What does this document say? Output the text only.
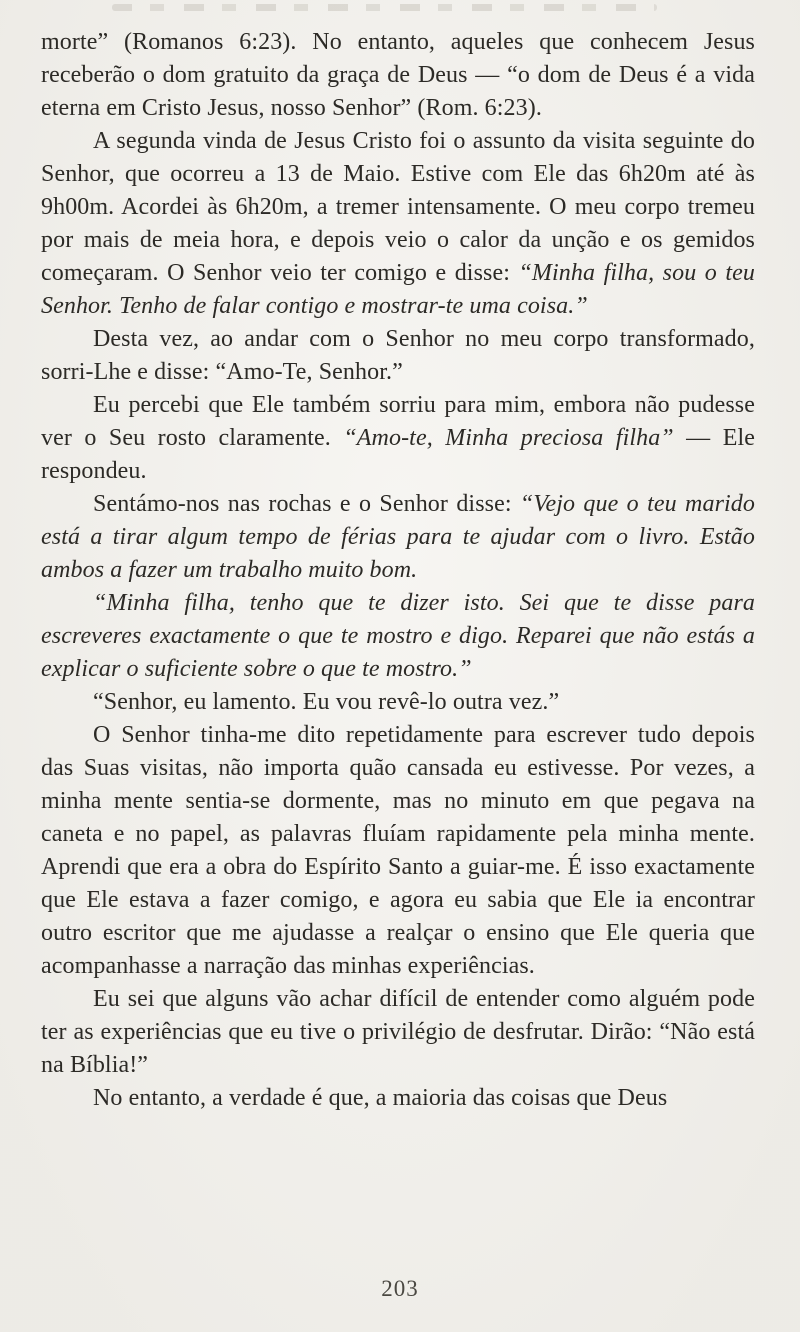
morte” (Romanos 6:23). No entanto, aqueles que conhecem Jesus receberão o dom gratuito da graça de Deus — “o dom de Deus é a vida eterna em Cristo Jesus, nosso Senhor” (Rom. 6:23).

A segunda vinda de Jesus Cristo foi o assunto da visita seguinte do Senhor, que ocorreu a 13 de Maio. Estive com Ele das 6h20m até às 9h00m. Acordei às 6h20m, a tremer intensamente. O meu corpo tremeu por mais de meia hora, e depois veio o calor da unção e os gemidos começaram. O Senhor veio ter comigo e disse: “Minha filha, sou o teu Senhor. Tenho de falar contigo e mostrar-te uma coisa.”

Desta vez, ao andar com o Senhor no meu corpo transformado, sorri-Lhe e disse: “Amo-Te, Senhor.”

Eu percebi que Ele também sorriu para mim, embora não pudesse ver o Seu rosto claramente. “Amo-te, Minha preciosa filha” — Ele respondeu.

Sentámo-nos nas rochas e o Senhor disse: “Vejo que o teu marido está a tirar algum tempo de férias para te ajudar com o livro. Estão ambos a fazer um trabalho muito bom.

“Minha filha, tenho que te dizer isto. Sei que te disse para escreveres exactamente o que te mostro e digo. Reparei que não estás a explicar o suficiente sobre o que te mostro.”

“Senhor, eu lamento. Eu vou revê-lo outra vez.”

O Senhor tinha-me dito repetidamente para escrever tudo depois das Suas visitas, não importa quão cansada eu estivesse. Por vezes, a minha mente sentia-se dormente, mas no minuto em que pegava na caneta e no papel, as palavras fluíam rapidamente pela minha mente. Aprendi que era a obra do Espírito Santo a guiar-me. É isso exactamente que Ele estava a fazer comigo, e agora eu sabia que Ele ia encontrar outro escritor que me ajudasse a realçar o ensino que Ele queria que acompanhasse a narração das minhas experiências.

Eu sei que alguns vão achar difícil de entender como alguém pode ter as experiências que eu tive o privilégio de desfrutar. Dirão: “Não está na Bíblia!”

No entanto, a verdade é que, a maioria das coisas que Deus

203
